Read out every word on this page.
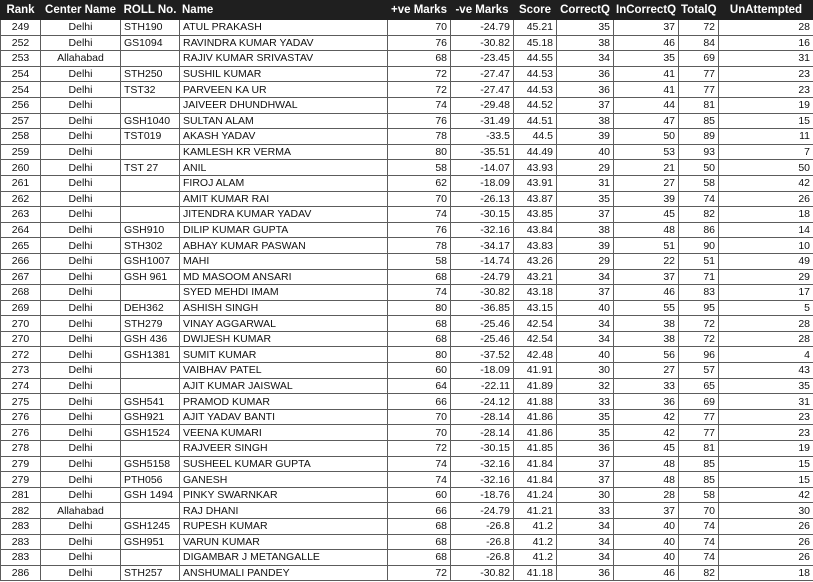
Rank	Center Name	ROLL No.	Name	+ve Marks	-ve Marks	Score	CorrectQ	InCorrectQ	TotalQ	UnAttempted
249	Delhi	STH190	ATUL PRAKASH	70	-24.79	45.21	35	37	72	28
252	Delhi	GS1094	RAVINDRA KUMAR YADAV	76	-30.82	45.18	38	46	84	16
253	Allahabad		RAJIV KUMAR SRIVASTAV	68	-23.45	44.55	34	35	69	31
254	Delhi	STH250	SUSHIL KUMAR	72	-27.47	44.53	36	41	77	23
254	Delhi	TST32	PARVEEN KA UR	72	-27.47	44.53	36	41	77	23
256	Delhi		JAIVEER DHUNDHWAL	74	-29.48	44.52	37	44	81	19
257	Delhi	GSH1040	SULTAN ALAM	76	-31.49	44.51	38	47	85	15
258	Delhi	TST019	AKASH YADAV	78	-33.5	44.5	39	50	89	11
259	Delhi		KAMLESH KR VERMA	80	-35.51	44.49	40	53	93	7
260	Delhi	TST 27	ANIL	58	-14.07	43.93	29	21	50	50
261	Delhi		FIROJ ALAM	62	-18.09	43.91	31	27	58	42
262	Delhi		AMIT KUMAR RAI	70	-26.13	43.87	35	39	74	26
263	Delhi		JITENDRA KUMAR YADAV	74	-30.15	43.85	37	45	82	18
264	Delhi	GSH910	DILIP KUMAR GUPTA	76	-32.16	43.84	38	48	86	14
265	Delhi	STH302	ABHAY KUMAR PASWAN	78	-34.17	43.83	39	51	90	10
266	Delhi	GSH1007	MAHI	58	-14.74	43.26	29	22	51	49
267	Delhi	GSH 961	MD MASOOM ANSARI	68	-24.79	43.21	34	37	71	29
268	Delhi		SYED MEHDI IMAM	74	-30.82	43.18	37	46	83	17
269	Delhi	DEH362	ASHISH SINGH	80	-36.85	43.15	40	55	95	5
270	Delhi	STH279	VINAY AGGARWAL	68	-25.46	42.54	34	38	72	28
270	Delhi	GSH 436	DWIJESH KUMAR	68	-25.46	42.54	34	38	72	28
272	Delhi	GSH1381	SUMIT KUMAR	80	-37.52	42.48	40	56	96	4
273	Delhi		VAIBHAV PATEL	60	-18.09	41.91	30	27	57	43
274	Delhi		AJIT KUMAR JAISWAL	64	-22.11	41.89	32	33	65	35
275	Delhi	GSH541	PRAMOD KUMAR	66	-24.12	41.88	33	36	69	31
276	Delhi	GSH921	AJIT YADAV BANTI	70	-28.14	41.86	35	42	77	23
276	Delhi	GSH1524	VEENA KUMARI	70	-28.14	41.86	35	42	77	23
278	Delhi		RAJVEER SINGH	72	-30.15	41.85	36	45	81	19
279	Delhi	GSH5158	SUSHEEL KUMAR GUPTA	74	-32.16	41.84	37	48	85	15
279	Delhi	PTH056	GANESH	74	-32.16	41.84	37	48	85	15
281	Delhi	GSH 1494	PINKY SWARNKAR	60	-18.76	41.24	30	28	58	42
282	Allahabad		RAJ DHANI	66	-24.79	41.21	33	37	70	30
283	Delhi	GSH1245	RUPESH KUMAR	68	-26.8	41.2	34	40	74	26
283	Delhi	GSH951	VARUN KUMAR	68	-26.8	41.2	34	40	74	26
283	Delhi		DIGAMBAR J METANGALLE	68	-26.8	41.2	34	40	74	26
286	Delhi	STH257	ANSHUMALI PANDEY	72	-30.82	41.18	36	46	82	18
